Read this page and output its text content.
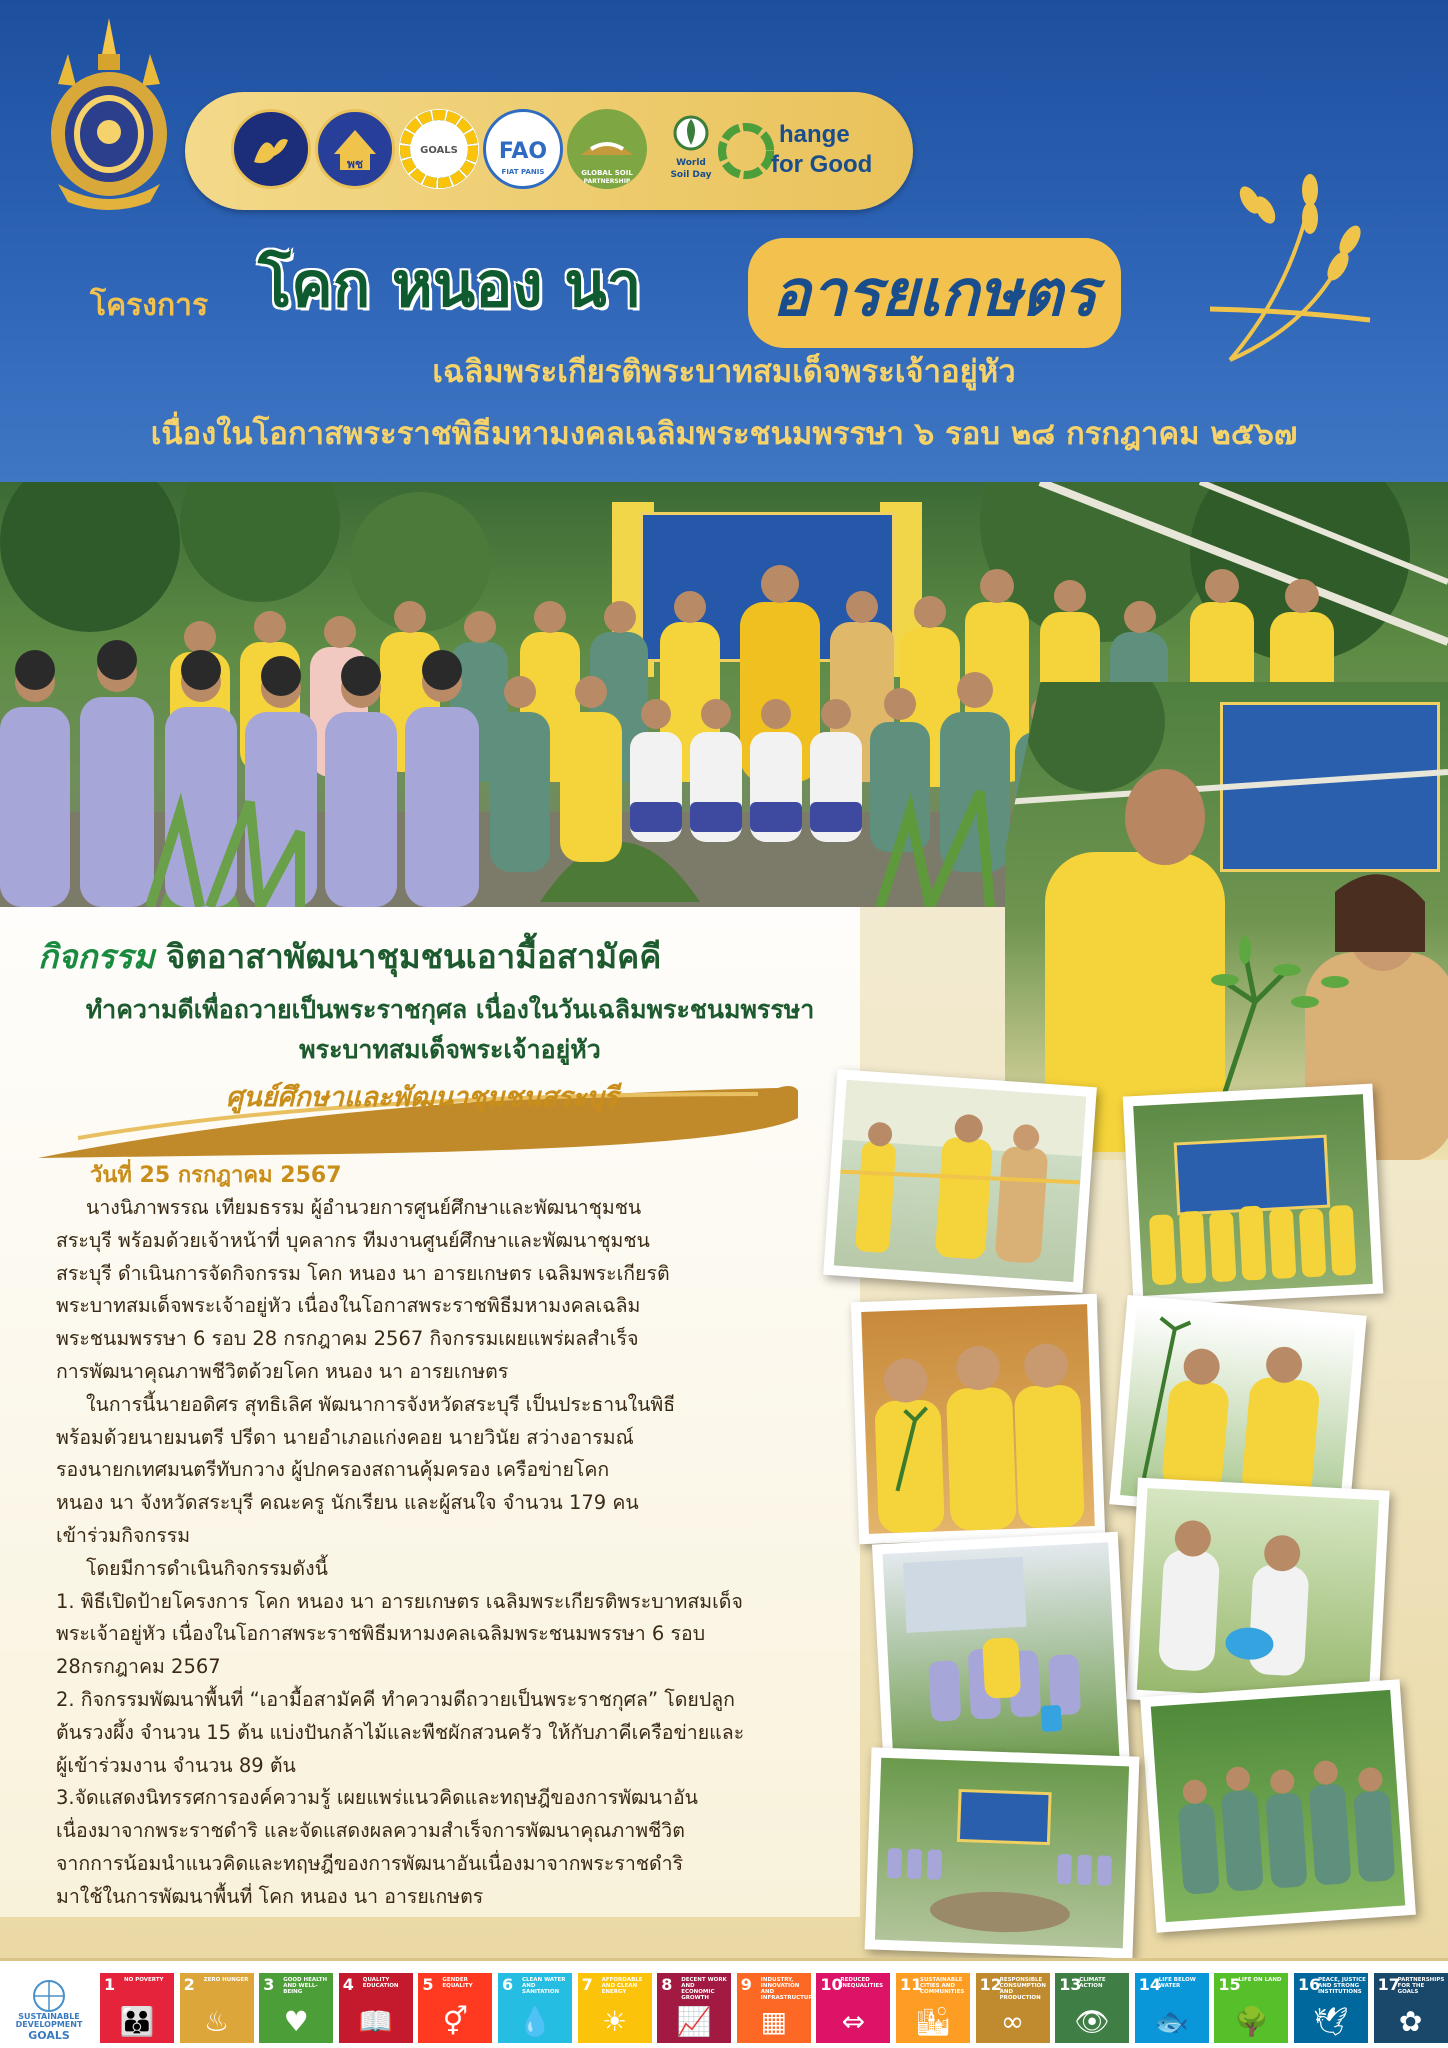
พช
GOALS FAO
FIAT PANIS	GLOBAL SOIL
PARTNERSHIP
World
Soil Day
hange
for Good
โครงการ โคก หนอง นา	อารยเกษตร
เฉลิมพระเกียรติพระบาทสมเด็จพระเจ้าอยู่หัว
เนื่องในโอกาสพระราชพิธีมหามงคลเฉลิมพระชนมพรรษา ๖ รอบ ๒๘ กรกฎาคม ๒๕๖๗
กิจกรรม จิตอาสาพัฒนาชุมชนเอามื้อสามัคคี
ทำความดีเพื่อถวายเป็นพระราชกุศล เนื่องในวันเฉลิมพระชนมพรรษา
พระบาทสมเด็จพระเจ้าอยู่หัว
ศูนย์ศึกษาและพัฒนาชุมชนสระบุรี
วันที่ 25 กรกฎาคม 2567

นางนิภาพรรณ เทียมธรรม ผู้อำนวยการศูนย์ศึกษาและพัฒนาชุมชน

สระบุรี พร้อมด้วยเจ้าหน้าที่ บุคลากร ทีมงานศูนย์ศึกษาและพัฒนาชุมชน

สระบุรี ดำเนินการจัดกิจกรรม โคก หนอง นา อารยเกษตร เฉลิมพระเกียรติ

พระบาทสมเด็จพระเจ้าอยู่หัว เนื่องในโอกาสพระราชพิธีมหามงคลเฉลิม

พระชนมพรรษา 6 รอบ 28 กรกฎาคม 2567 กิจกรรมเผยแพร่ผลสำเร็จ

การพัฒนาคุณภาพชีวิตด้วยโคก หนอง นา อารยเกษตร

ในการนี้นายอดิศร สุทธิเลิศ พัฒนาการจังหวัดสระบุรี เป็นประธานในพิธี

พร้อมด้วยนายมนตรี ปรีดา นายอำเภอแก่งคอย นายวินัย สว่างอารมณ์

รองนายกเทศมนตรีทับกวาง ผู้ปกครองสถานคุ้มครอง เครือข่ายโคก

หนอง นา จังหวัดสระบุรี คณะครู นักเรียน และผู้สนใจ จำนวน 179 คน

เข้าร่วมกิจกรรม

โดยมีการดำเนินกิจกรรมดังนี้

1. พิธีเปิดป้ายโครงการ โคก หนอง นา อารยเกษตร เฉลิมพระเกียรติพระบาทสมเด็จ

พระเจ้าอยู่หัว เนื่องในโอกาสพระราชพิธีมหามงคลเฉลิมพระชนมพรรษา 6 รอบ

28กรกฎาคม 2567

2. กิจกรรมพัฒนาพื้นที่ “เอามื้อสามัคคี ทำความดีถวายเป็นพระราชกุศล” โดยปลูก

ต้นรวงผึ้ง จำนวน 15 ต้น แบ่งปันกล้าไม้และพืชผักสวนครัว ให้กับภาคีเครือข่ายและ

ผู้เข้าร่วมงาน จำนวน 89 ต้น

3.จัดแสดงนิทรรศการองค์ความรู้ เผยแพร่แนวคิดและทฤษฎีของการพัฒนาอัน

เนื่องมาจากพระราชดำริ และจัดแสดงผลความสำเร็จการพัฒนาคุณภาพชีวิต

จากการน้อมนำแนวคิดและทฤษฎีของการพัฒนาอันเนื่องมาจากพระราชดำริ

มาใช้ในการพัฒนาพื้นที่ โคก หนอง นา อารยเกษตร

SUSTAINABLE
DEVELOPMENT
GOALS
1 NO POVERTY
👪
2 ZERO HUNGER
♨
3 GOOD HEALTH AND WELL-BEING
♥
4 QUALITY EDUCATION
📖
5 GENDER EQUALITY
⚥
6 CLEAN WATER AND SANITATION
💧
7 AFFORDABLE AND CLEAN ENERGY
☀
8 DECENT WORK AND ECONOMIC GROWTH
📈
9 INDUSTRY, INNOVATION AND INFRASTRUCTURE
▦
10
REDUCED INEQUALITIES
⇔
11
SUSTAINABLE CITIES AND COMMUNITIES
🏙
12
RESPONSIBLE CONSUMPTION AND PRODUCTION
∞
13
CLIMATE ACTION
👁
14
LIFE BELOW WATER
🐟
15
LIFE ON LAND
🌳
16
PEACE, JUSTICE AND STRONG INSTITUTIONS
🕊
17
PARTNERSHIPS FOR THE GOALS
✿
